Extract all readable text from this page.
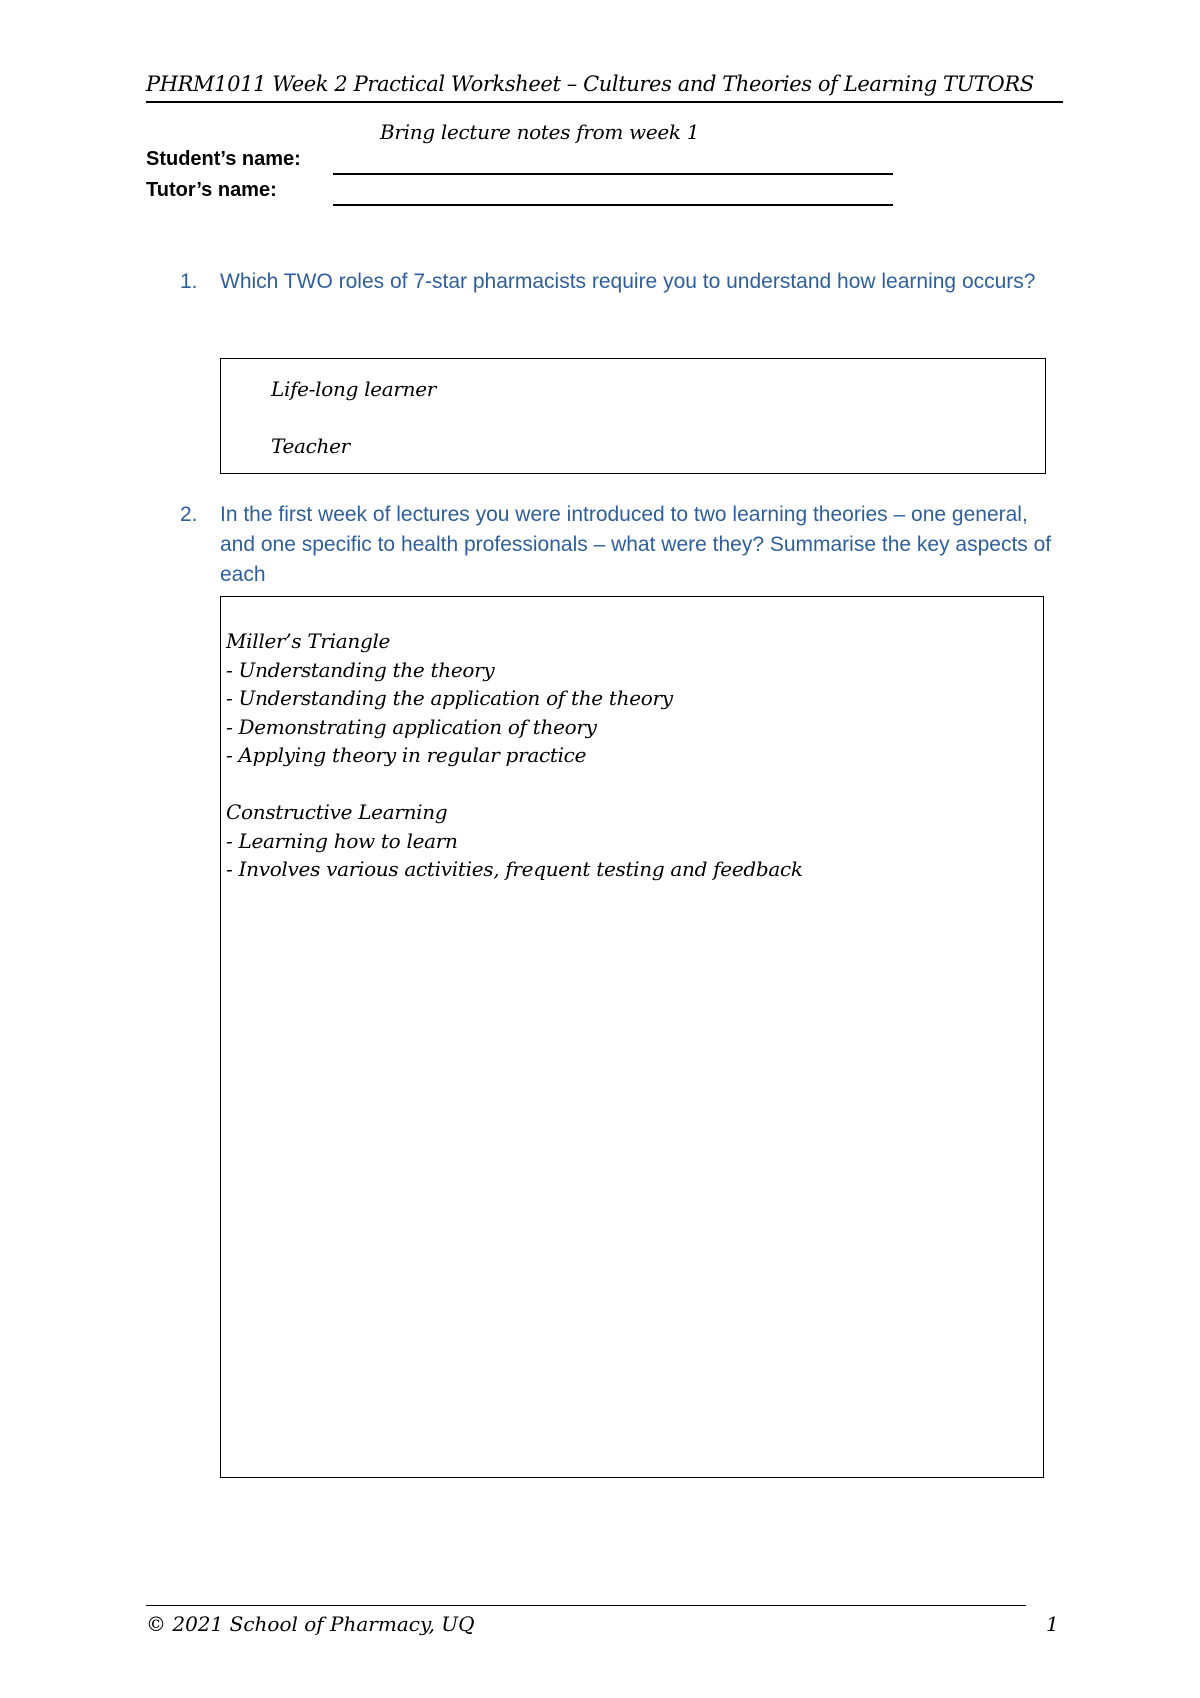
PHRM1011 Week 2 Practical Worksheet – Cultures and Theories of Learning TUTORS
Bring lecture notes from week 1
Student’s name:
Tutor’s name:
1.	Which TWO roles of 7-star pharmacists require you to understand how learning occurs?
Life-long learner
Teacher
2.	In the first week of lectures you were introduced to two learning theories – one general, and one specific to health professionals – what were they? Summarise the key aspects of each
Miller’s Triangle
- Understanding the theory
- Understanding the application of the theory
- Demonstrating application of theory
- Applying theory in regular practice
Constructive Learning
- Learning how to learn
- Involves various activities, frequent testing and feedback
© 2021 School of Pharmacy, UQ	1
